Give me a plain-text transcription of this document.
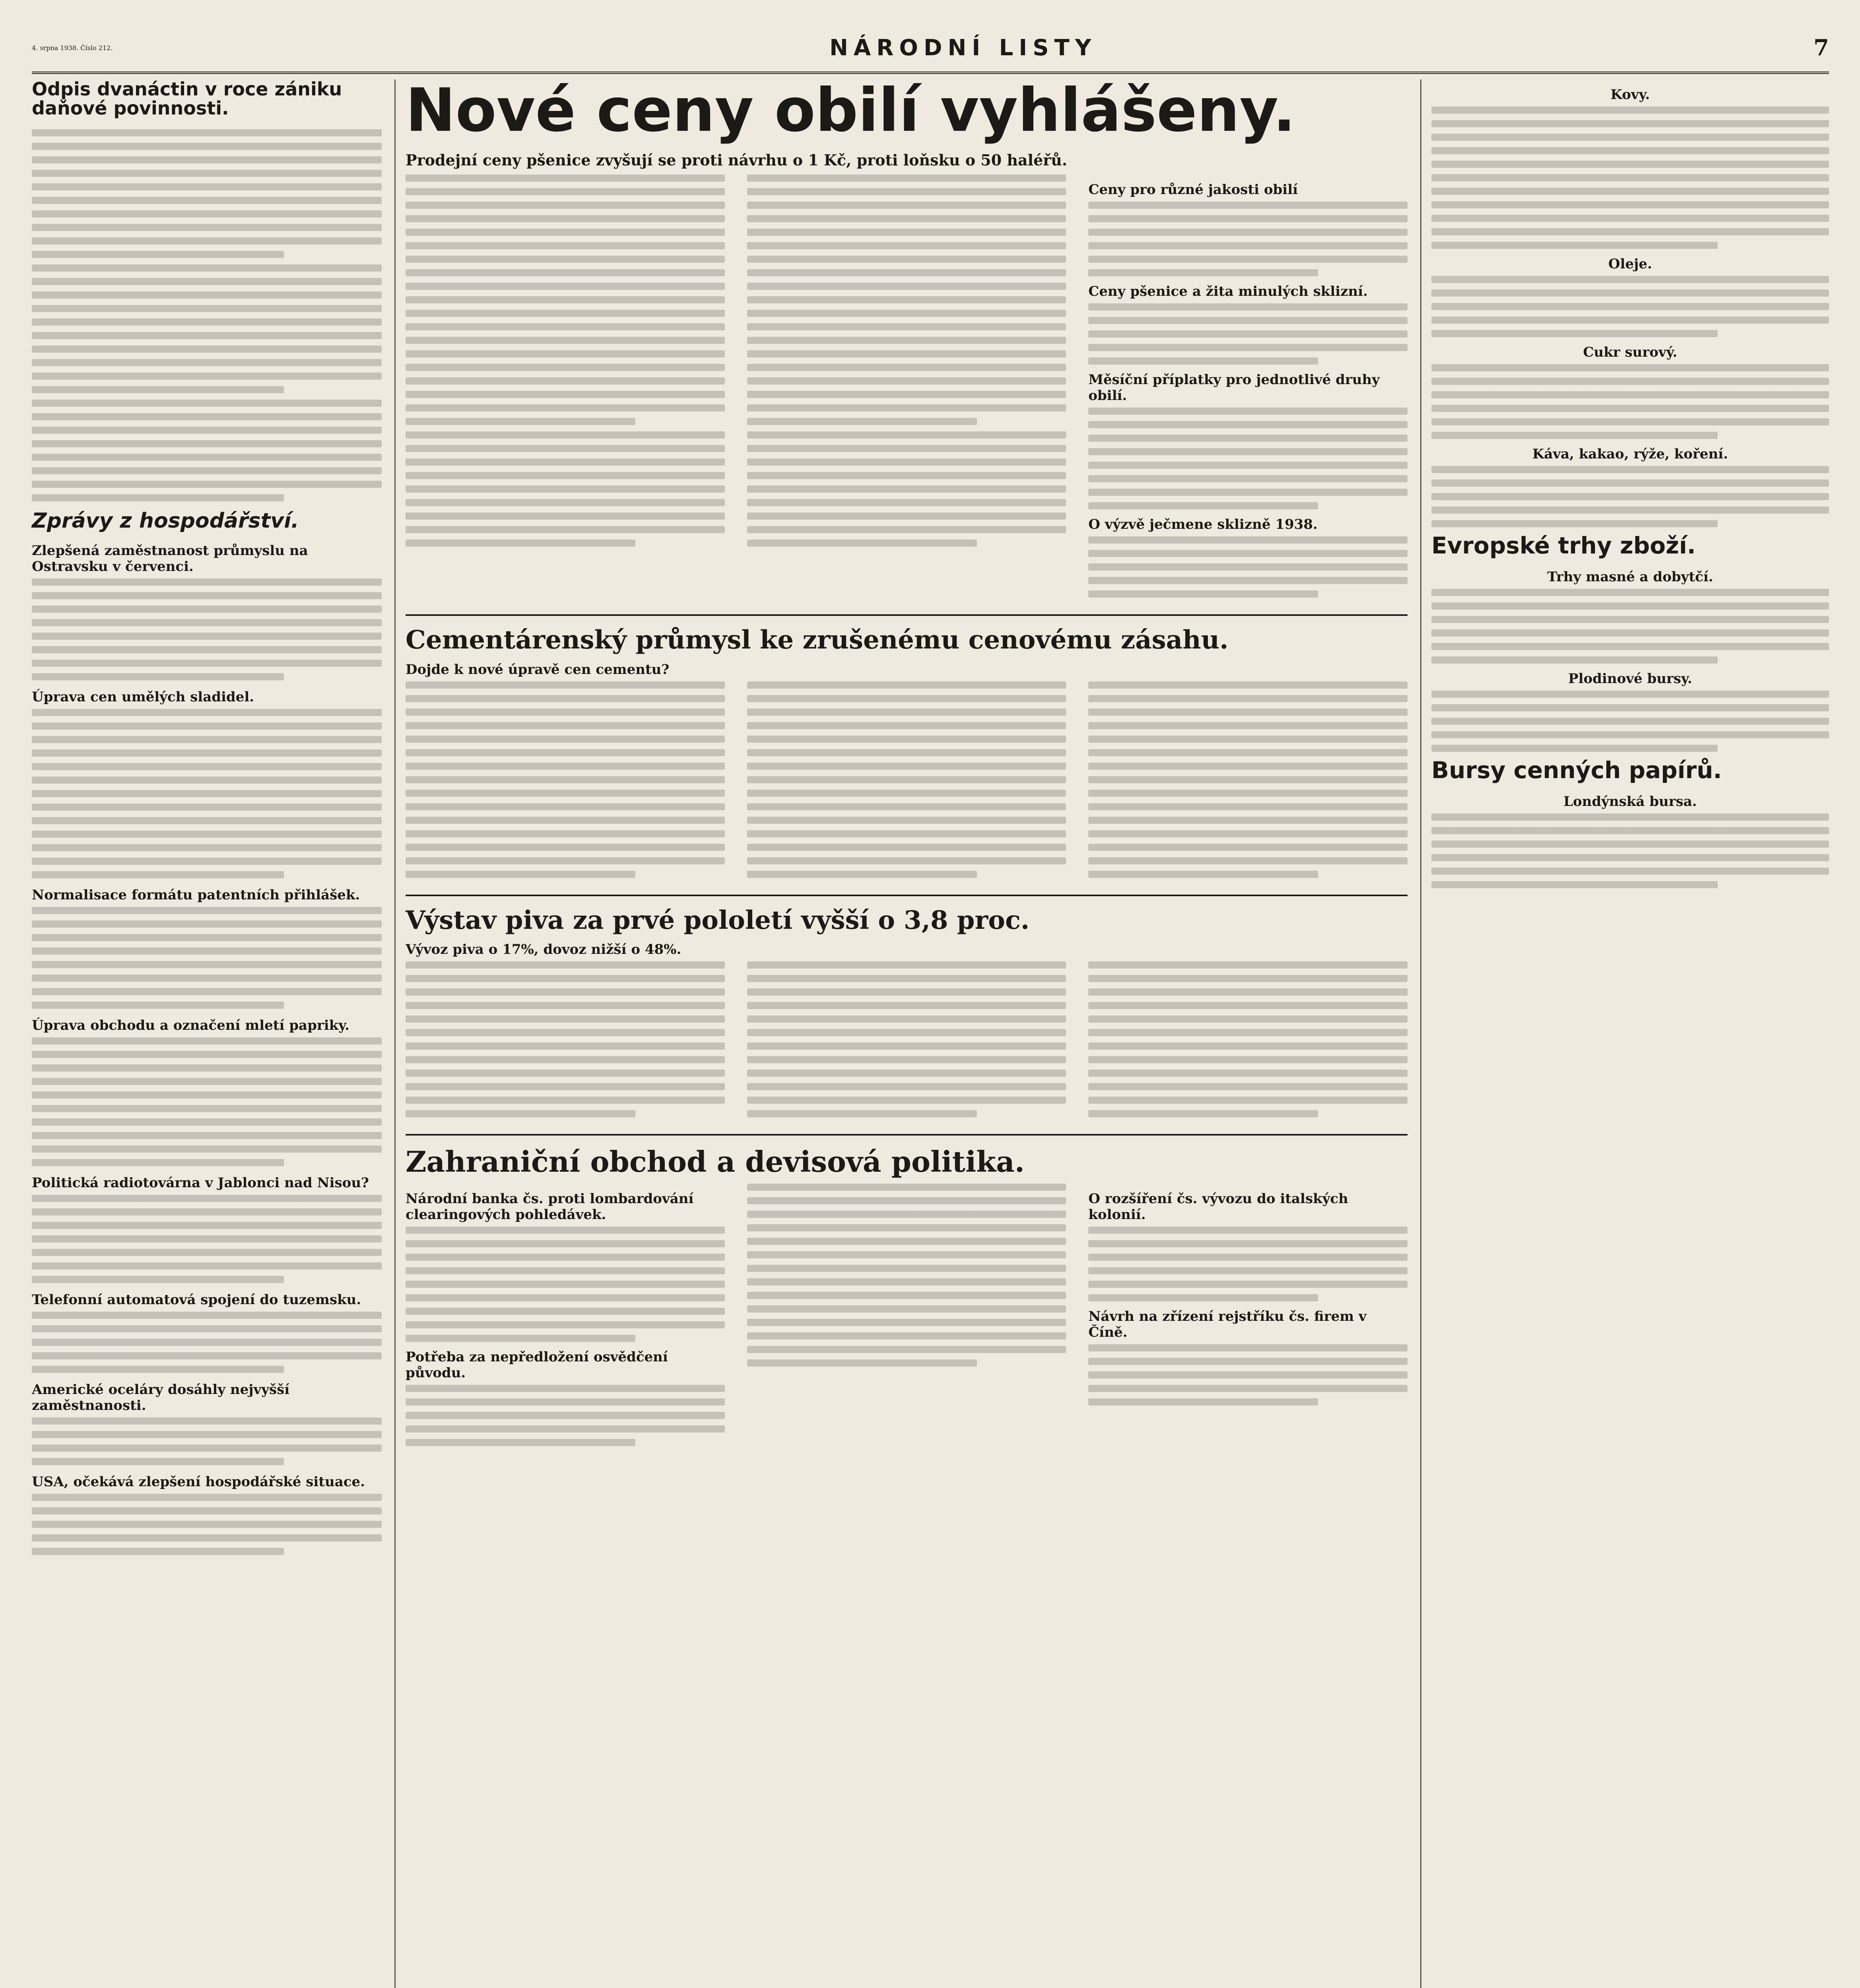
4. srpna 1938. Číslo 212.	NÁRODNÍ LISTY	7
Odpis dvanáctin v roce zániku daňové povinnosti.
Zprávy z hospodářství.
Zlepšená zaměstnanost průmyslu na Ostravsku v červenci.
Úprava cen umělých sladidel.
Normalisace formátu patentních přihlášek.
Úprava obchodu a označení mletí papriky.
Politická radiotovárna v Jablonci nad Nisou?
Telefonní automatová spojení do tuzemsku.
Americké oceláry dosáhly nejvyšší zaměstnanosti.
USA, očekává zlepšení hospodářské situace.
Nové ceny obilí vyhlášeny.
Prodejní ceny pšenice zvyšují se proti návrhu o 1 Kč, proti loňsku o 50 haléřů.
Ceny pro různé jakosti obilí
Ceny pšenice a žita minulých sklizní.
Měsíční příplatky pro jednotlivé druhy obilí.
O výzvě ječmene sklizně 1938.
Cementárenský průmysl ke zrušenému cenovému zásahu.
Dojde k nové úpravě cen cementu?
Výstav piva za prvé pololetí vyšší o 3,8 proc.
Vývoz piva o 17%, dovoz nižší o 48%.
Zahraniční obchod a devisová politika.
Národní banka čs. proti lombardování clearingových pohledávek.
Potřeba za nepředložení osvědčení původu.
O rozšíření čs. vývozu do italských kolonií.
Návrh na zřízení rejstříku čs. firem v Číně.
Kovy.
Oleje.
Cukr surový.
Káva, kakao, rýže, koření.
Evropské trhy zboží.
Trhy masné a dobytčí.
Plodinové bursy.
Bursy cenných papírů.
Londýnská bursa.
